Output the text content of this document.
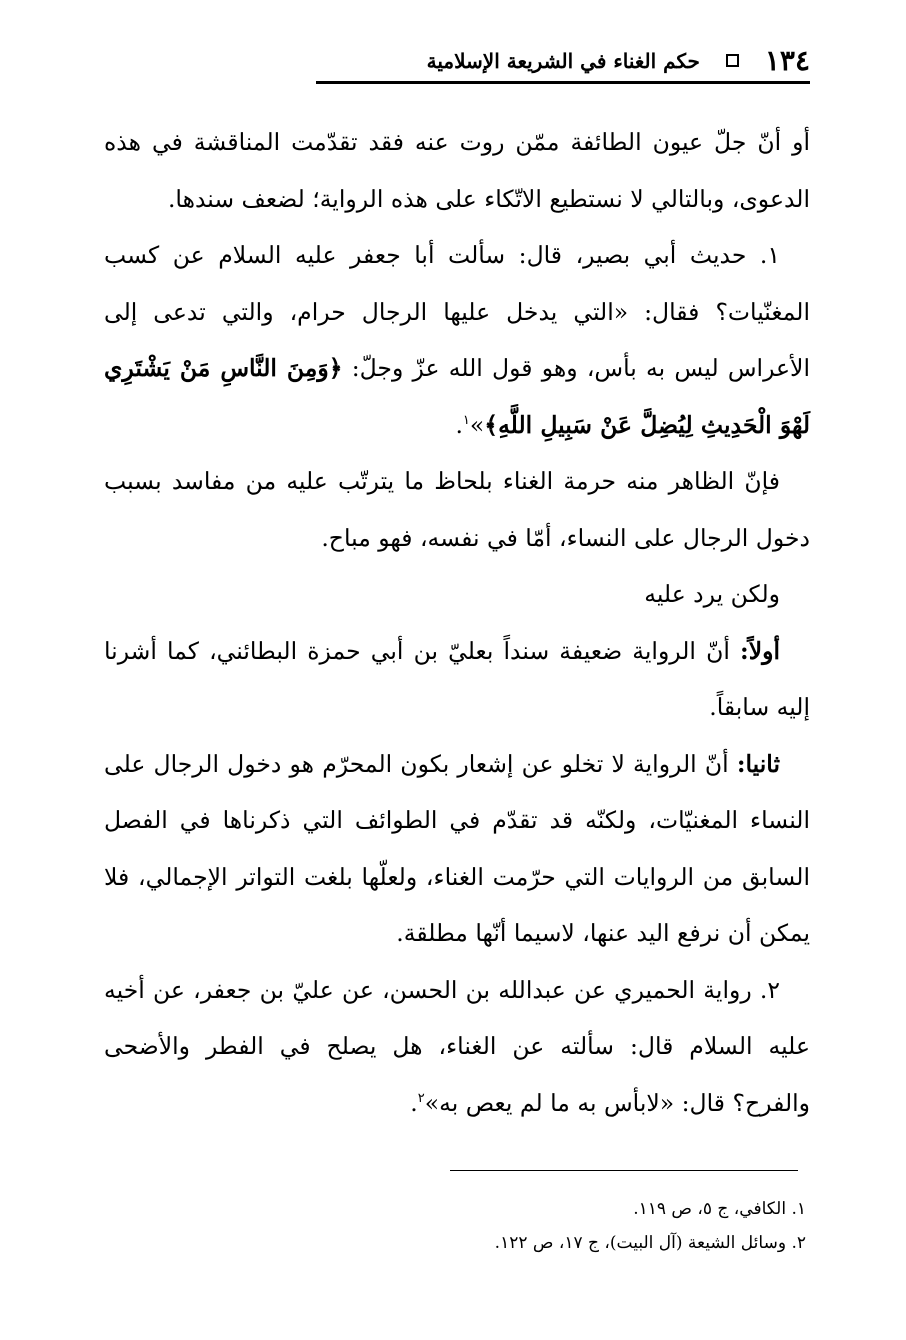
١٣٤
حكم الغناء في الشريعة الإسلامية

أو أنّ جلّ عيون الطائفة ممّن روت عنه فقد تقدّمت المناقشة في هذه الدعوى، وبالتالي لا نستطيع الاتّكاء على هذه الرواية؛ لضعف سندها.

١. حديث أبي بصير، قال: سألت أبا جعفر عليه السلام عن كسب المغنّيات؟ فقال: «التي يدخل عليها الرجال حرام، والتي تدعى إلى الأعراس ليس به بأس، وهو قول الله عزّ وجلّ: ﴿وَمِنَ النَّاسِ مَنْ يَشْتَرِي لَهْوَ الْحَدِيثِ لِيُضِلَّ عَنْ سَبِيلِ اللَّهِ﴾»$^١$.

فإنّ الظاهر منه حرمة الغناء بلحاظ ما يترتّب عليه من مفاسد بسبب دخول الرجال على النساء، أمّا في نفسه، فهو مباح.

ولكن يرد عليه

أولاً: أنّ الرواية ضعيفة سنداً بعليّ بن أبي حمزة البطائني، كما أشرنا إليه سابقاً.

ثانيا: أنّ الرواية لا تخلو عن إشعار بكون المحرّم هو دخول الرجال على النساء المغنيّات، ولكنّه قد تقدّم في الطوائف التي ذكرناها في الفصل السابق من الروايات التي حرّمت الغناء، ولعلّها بلغت التواتر الإجمالي، فلا يمكن أن نرفع اليد عنها، لاسيما أنّها مطلقة.

٢. رواية الحميري عن عبدالله بن الحسن، عن عليّ بن جعفر، عن أخيه عليه السلام قال: سألته عن الغناء، هل يصلح في الفطر والأضحى والفرح؟ قال: «لابأس به ما لم يعص به»$^٢$.

١. الكافي، ج ٥، ص ١١٩.

٢. وسائل الشيعة (آل البيت)، ج ١٧، ص ١٢٢.
